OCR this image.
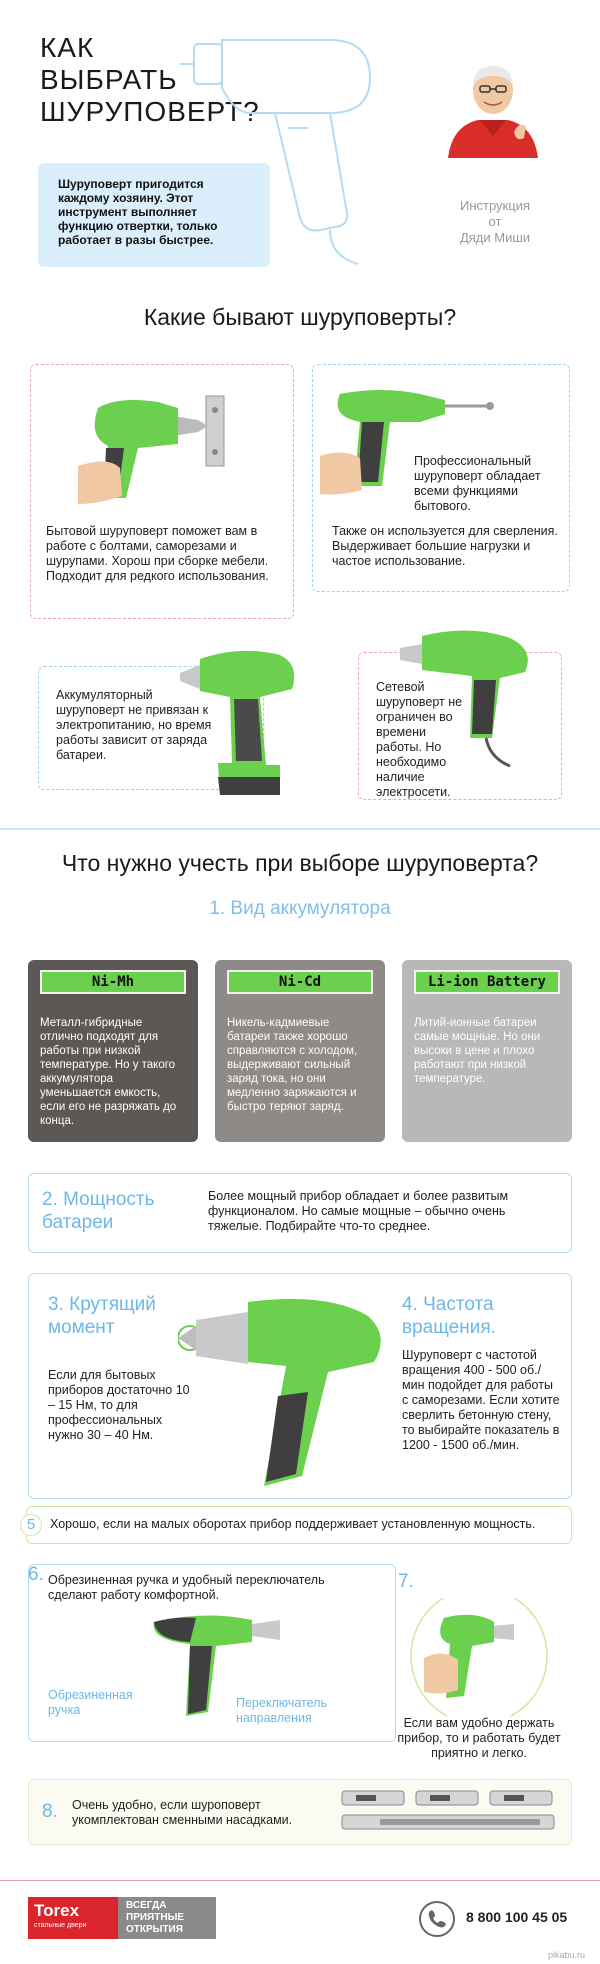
КАК
ВЫБРАТЬ
ШУРУПОВЕРТ?
Шуруповерт пригодится каждому хозяину. Этот инструмент выполняет функцию отвертки, только работает в разы быстрее.
Инструкция
от
Дяди Миши
Какие бывают шуруповерты?
Бытовой шуруповерт поможет вам в работе с болтами, саморезами и шурупами. Хорош при сборке мебели. Подходит для редкого использования.
Профессиональный шуруповерт обладает всеми функциями бытового.
Также он используется для сверления. Выдерживает большие нагрузки и частое использование.
Аккумуляторный шуруповерт не привязан к электропитанию, но время работы зависит от заряда батареи.
Сетевой шуруповерт не ограничен во времени работы. Но необходимо наличие электросети.
Что нужно учесть при выборе шуруповерта?
1. Вид аккумулятора
Ni-Mh
Металл-гибридные отлично подходят для работы при низкой температуре. Но у такого аккумулятора уменьшается емкость, если его не разряжать до конца.
Ni-Cd
Никель-кадмиевые батареи также хорошо справляются с холодом, выдерживают сильный заряд тока, но они медленно заряжаются и быстро теряют заряд.
Li-ion Battery
Литий-ионные батареи самые мощные. Но они высоки в цене и плохо работают при низкой температуре.
2. Мощность
батареи
Более мощный прибор обладает и более развитым функционалом. Но самые мощные – обычно очень тяжелые. Подбирайте что-то среднее.
3. Крутящий
момент
Если для бытовых приборов достаточно 10 – 15 Нм, то для профессиональных нужно 30 – 40 Нм.
4. Частота
вращения.
Шуруповерт с частотой вращения 400 - 500 об./мин подойдет для работы с саморезами. Если хотите сверлить бетонную стену, то выбирайте показатель в 1200 - 1500 об./мин.
5	Хорошо, если на малых оборотах прибор поддерживает установленную мощность.
6. Обрезиненная ручка и удобный переключатель сделают работу комфортной.
Обрезиненная
ручка	Переключатель
направления
7.
Если вам удобно держать прибор, то и работать будет приятно и легко.
8. Очень удобно, если шуроповерт укомплектован сменными насадками.
Torex
стальные двери
ВСЕГДА
ПРИЯТНЫЕ
ОТКРЫТИЯ
8 800 100 45 05
pikabu.ru
